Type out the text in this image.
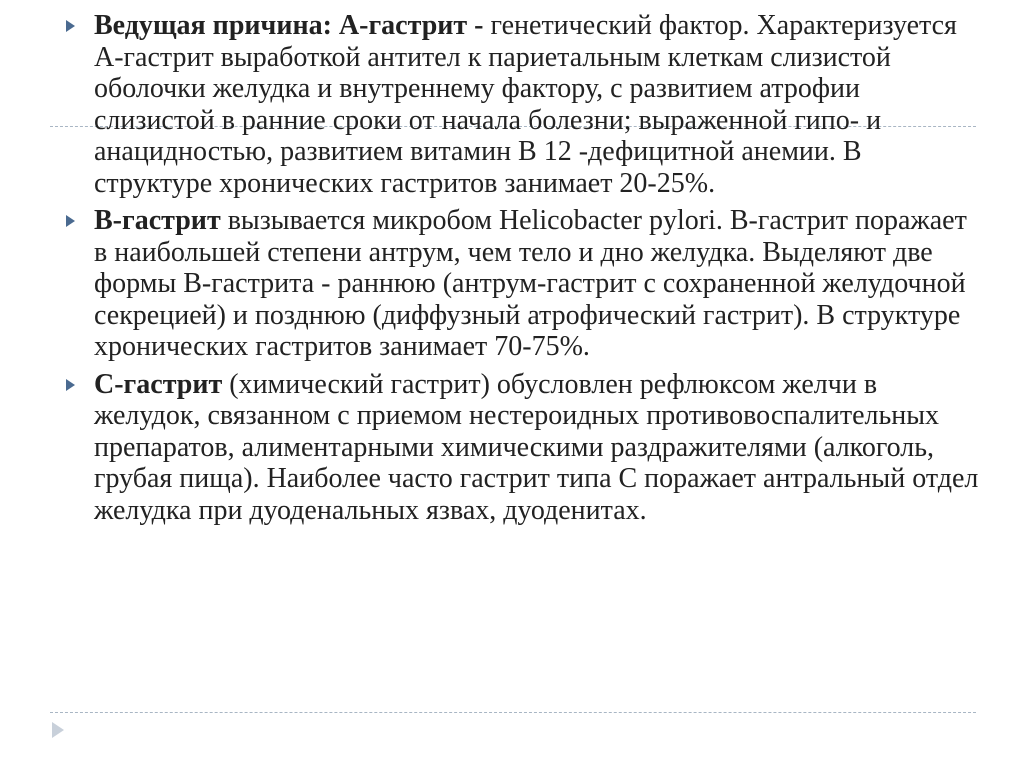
Ведущая причина: А-гастрит - генетический фактор. Характеризуется А-гастрит выработкой антител к париетальным клеткам слизистой оболочки желудка и внутреннему фактору, с развитием атрофии слизистой в ранние сроки от начала болезни; выраженной гипо- и анацидностью, развитием витамин В 12 -дефицитной анемии. В структуре хронических гастритов занимает 20-25%.
В-гастрит вызывается микробом Helicobacter pylori. В-гастрит поражает в наибольшей степени антрум, чем тело и дно желудка. Выделяют две формы В-гастрита - раннюю (антрум-гастрит с сохраненной желудочной секрецией) и позднюю (диффузный атрофический гастрит). В структуре хронических гастритов занимает 70-75%.
С-гастрит (химический гастрит) обусловлен рефлюксом желчи в желудок, связанном с приемом нестероидных противовоспалительных препаратов, алиментарными химическими раздражителями (алкоголь, грубая пища). Наиболее часто гастрит типа С поражает антральный отдел желудка при дуоденальных язвах, дуоденитах.
